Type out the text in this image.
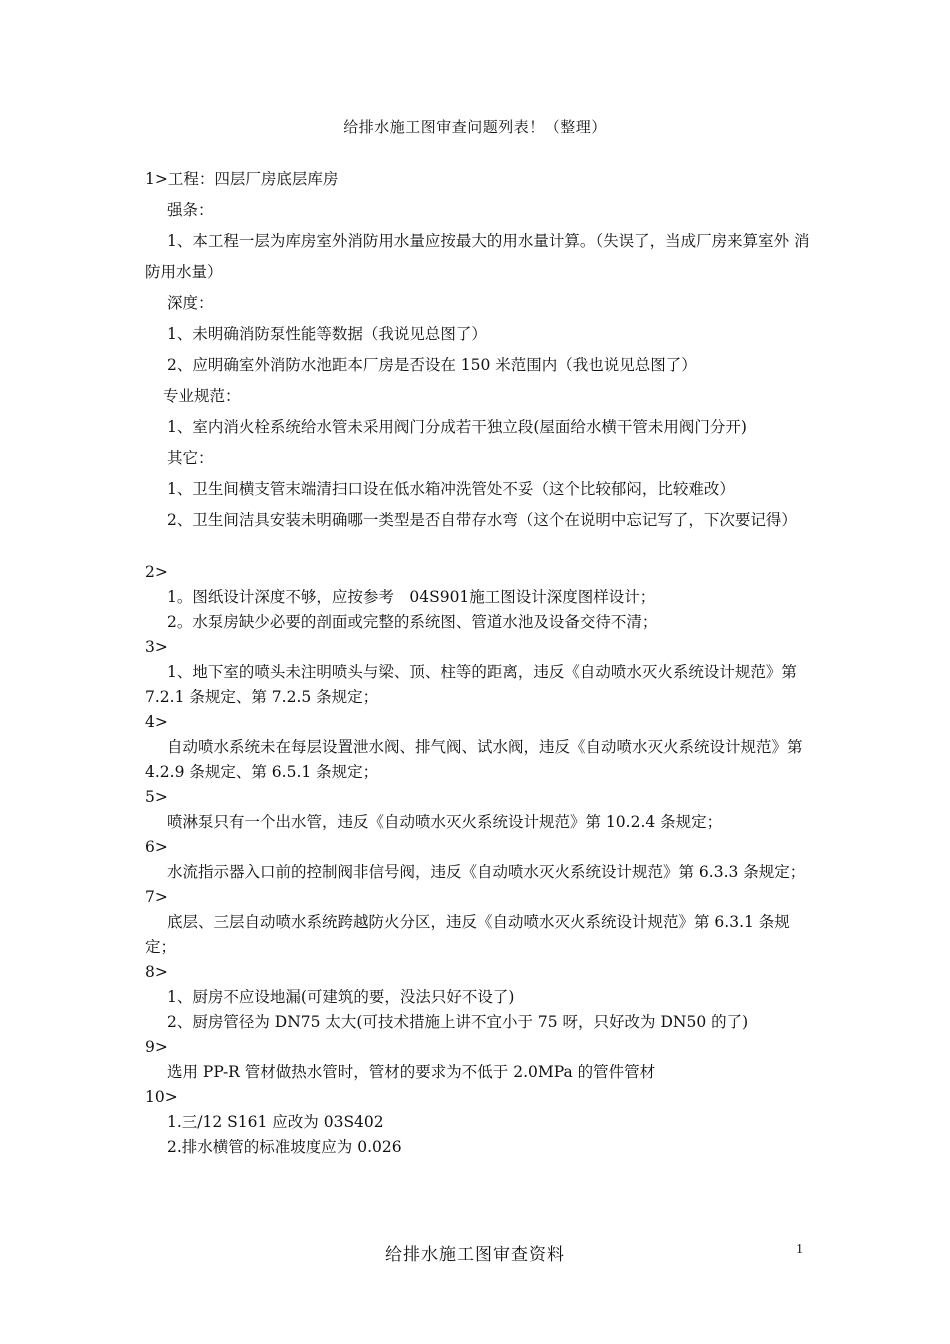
给排水施工图审查问题列表！（整理）

1>工程：四层厂房底层库房

强条：

1、本工程一层为库房室外消防用水量应按最大的用水量计算。（失误了，当成厂房来算室外 消防用水量）

深度：

1、未明确消防泵性能等数据（我说见总图了）

2、应明确室外消防水池距本厂房是否设在 150 米范围内（我也说见总图了）

专业规范：

1、室内消火栓系统给水管未采用阀门分成若干独立段(屋面给水横干管未用阀门分开)

其它：

1、卫生间横支管末端清扫口设在低水箱冲洗管处不妥（这个比较郁闷，比较难改）

2、卫生间洁具安装未明确哪一类型是否自带存水弯（这个在说明中忘记写了，下次要记得）

2>

1。图纸设计深度不够，应按参考　04S901施工图设计深度图样设计；

2。水泵房缺少必要的剖面或完整的系统图、管道水池及设备交待不清；

3>

1、地下室的喷头未注明喷头与梁、顶、柱等的距离，违反《自动喷水灭火系统设计规范》第 7.2.1 条规定、第 7.2.5 条规定；

4>

自动喷水系统未在每层设置泄水阀、排气阀、试水阀，违反《自动喷水灭火系统设计规范》第 4.2.9 条规定、第 6.5.1 条规定；

5>

喷淋泵只有一个出水管，违反《自动喷水灭火系统设计规范》第 10.2.4 条规定；

6>

水流指示器入口前的控制阀非信号阀，违反《自动喷水灭火系统设计规范》第 6.3.3 条规定；

7>

底层、三层自动喷水系统跨越防火分区，违反《自动喷水灭火系统设计规范》第 6.3.1 条规定；

8>

1、厨房不应设地漏(可建筑的要，没法只好不设了)

2、厨房管径为 DN75 太大(可技术措施上讲不宜小于 75 呀，只好改为 DN50 的了)

9>

选用 PP-R 管材做热水管时，管材的要求为不低于 2.0MPa 的管件管材

10>

1.三/12 S161 应改为 03S402

2.排水横管的标准坡度应为 0.026

给排水施工图审查资料	1
